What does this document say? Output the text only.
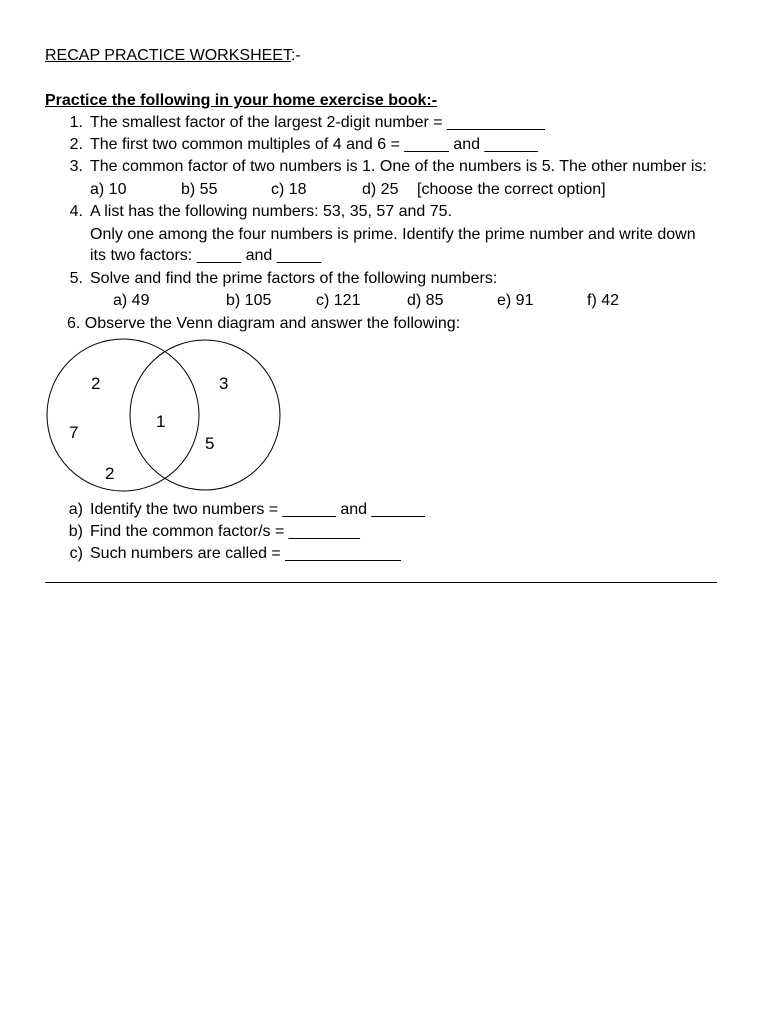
RECAP PRACTICE WORKSHEET:-
Practice the following in your home exercise book:-
1. The smallest factor of the largest 2-digit number = ___________
2. The first two common multiples of 4 and 6 = _____ and ______
3. The common factor of two numbers is 1. One of the numbers is 5. The other number is:
a) 10	b) 55	c) 18	d) 25 [choose the correct option]
4. A list has the following numbers: 53, 35, 57 and 75.
Only one among the four numbers is prime. Identify the prime number and write down
its two factors: _____ and _____
5. Solve and find the prime factors of the following numbers:
a) 49	b) 105	c) 121	d) 85	e) 91	f) 42
6. Observe the Venn diagram and answer the following:
2
7
2
1
3
5
a) Identify the two numbers = ______ and ______
b) Find the common factor/s = ________
c) Such numbers are called = _____________
